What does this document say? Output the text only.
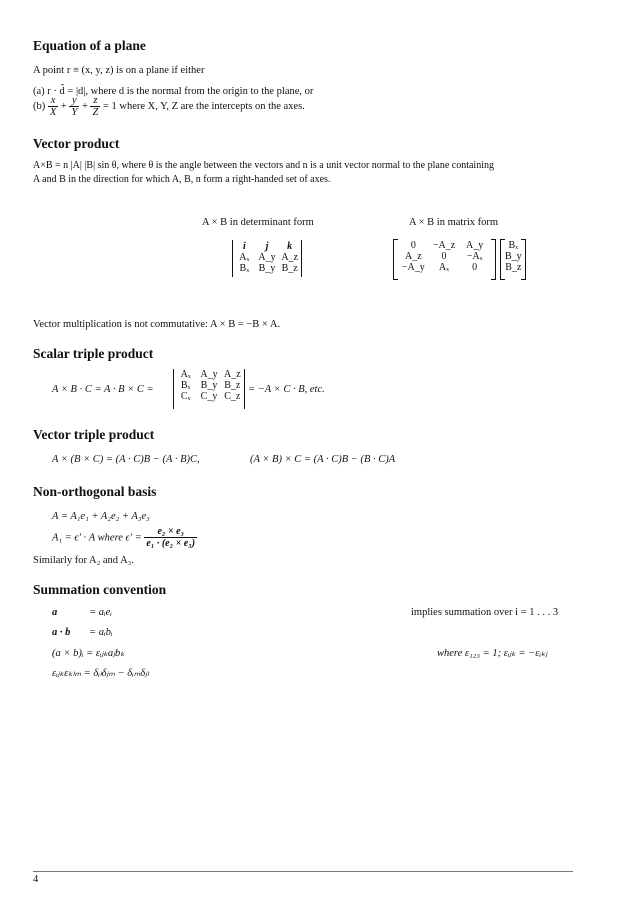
Equation of a plane
A point r ≡ (x, y, z) is on a plane if either
(a) r · d̂ = |d|, where d is the normal from the origin to the plane, or
$(b) \frac{x}{X} + \frac{y}{Y} + \frac{z}{Z} = 1$ where X, Y, Z are the intercepts on the axes.
Vector product
A×B = n |A| |B| sin θ, where θ is the angle between the vectors and n is a unit vector normal to the plane containing
A and B in the direction for which A, B, n form a right-handed set of axes.
A × B in determinant form	A × B in matrix form
i	j	k
Aₓ A_y A_z
Bₓ B_y B_z
0	−A_z	A_y
A_z	0	−Aₓ
−A_y	Aₓ	0
Bₓ
B_y
B_z
Vector multiplication is not commutative: A × B = −B × A.
Scalar triple product
A × B · C = A · B × C =
Aₓ A_y A_z
Bₓ	B_y B_z
Cₓ	C_y C_z
= −A × C · B, etc.
Vector triple product
A × (B × C) = (A · C)B − (A · B)C,	(A × B) × C = (A · C)B − (B · C)A
Non-orthogonal basis
A = A₁e₁ + A₂e₂ + A₃e₃
A₁ = ϵ′ · A where $\epsilon' = \frac{\text{e₂ × e₃}}{\text{e₁ · (e₂ × e₃)}}$
Similarly for A₂ and A₃.
Summation convention
a	= aᵢeᵢ	implies summation over i = 1 . . . 3
a · b = aᵢbᵢ
(a × b)ᵢ = εᵢⱼₖaⱼbₖ	where ε₁₂₃ = 1; εᵢⱼₖ = −εᵢₖⱼ
εᵢⱼₖεₖₗₘ = δᵢₗδⱼₘ − δᵢₘδⱼₗ
4
